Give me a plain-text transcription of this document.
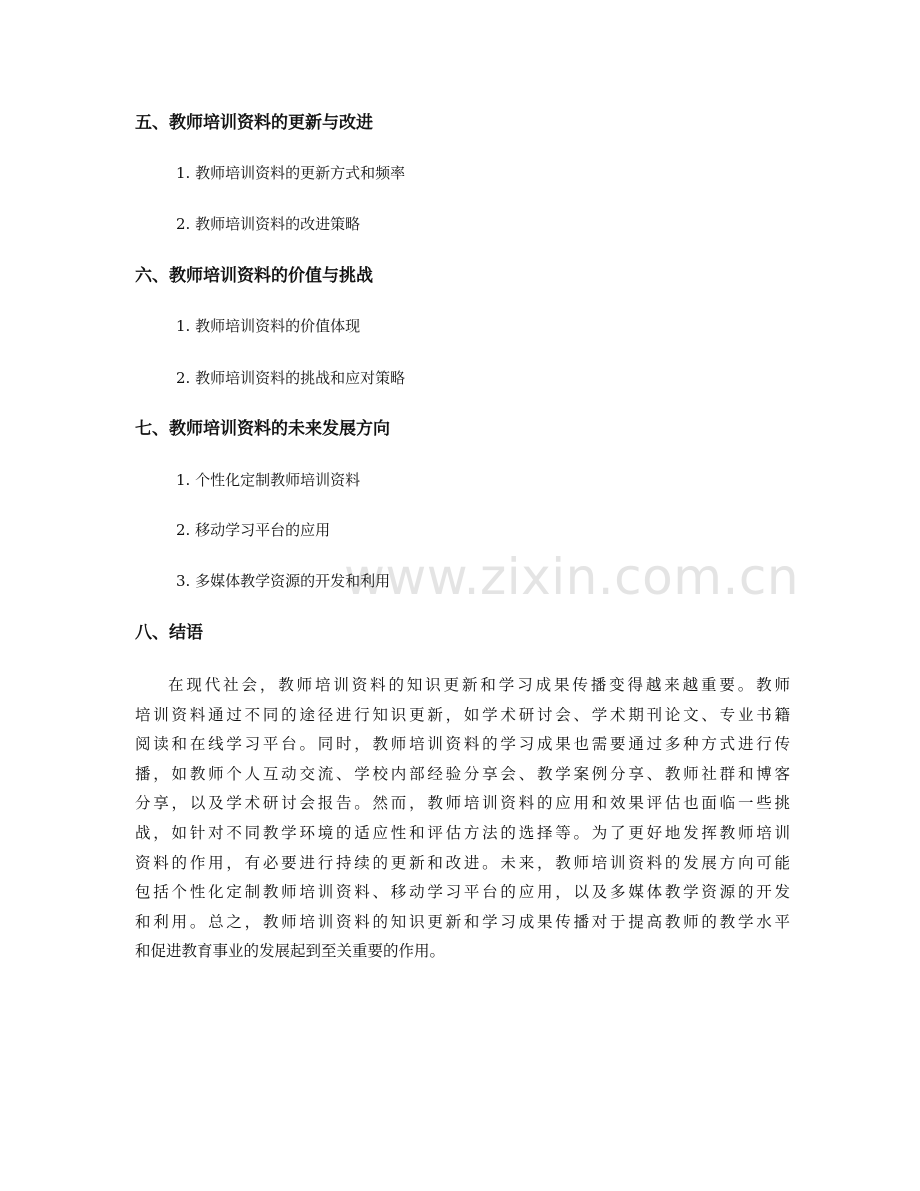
www.zixin.com.cn
五、教师培训资料的更新与改进
1. 教师培训资料的更新方式和频率
2. 教师培训资料的改进策略
六、教师培训资料的价值与挑战
1. 教师培训资料的价值体现
2. 教师培训资料的挑战和应对策略
七、教师培训资料的未来发展方向
1. 个性化定制教师培训资料
2. 移动学习平台的应用
3. 多媒体教学资源的开发和利用
八、结语
在现代社会，教师培训资料的知识更新和学习成果传播变得越来越重要。教师
培训资料通过不同的途径进行知识更新，如学术研讨会、学术期刊论文、专业书籍
阅读和在线学习平台。同时，教师培训资料的学习成果也需要通过多种方式进行传
播，如教师个人互动交流、学校内部经验分享会、教学案例分享、教师社群和博客
分享，以及学术研讨会报告。然而，教师培训资料的应用和效果评估也面临一些挑
战，如针对不同教学环境的适应性和评估方法的选择等。为了更好地发挥教师培训
资料的作用，有必要进行持续的更新和改进。未来，教师培训资料的发展方向可能
包括个性化定制教师培训资料、移动学习平台的应用，以及多媒体教学资源的开发
和利用。总之，教师培训资料的知识更新和学习成果传播对于提高教师的教学水平
和促进教育事业的发展起到至关重要的作用。
